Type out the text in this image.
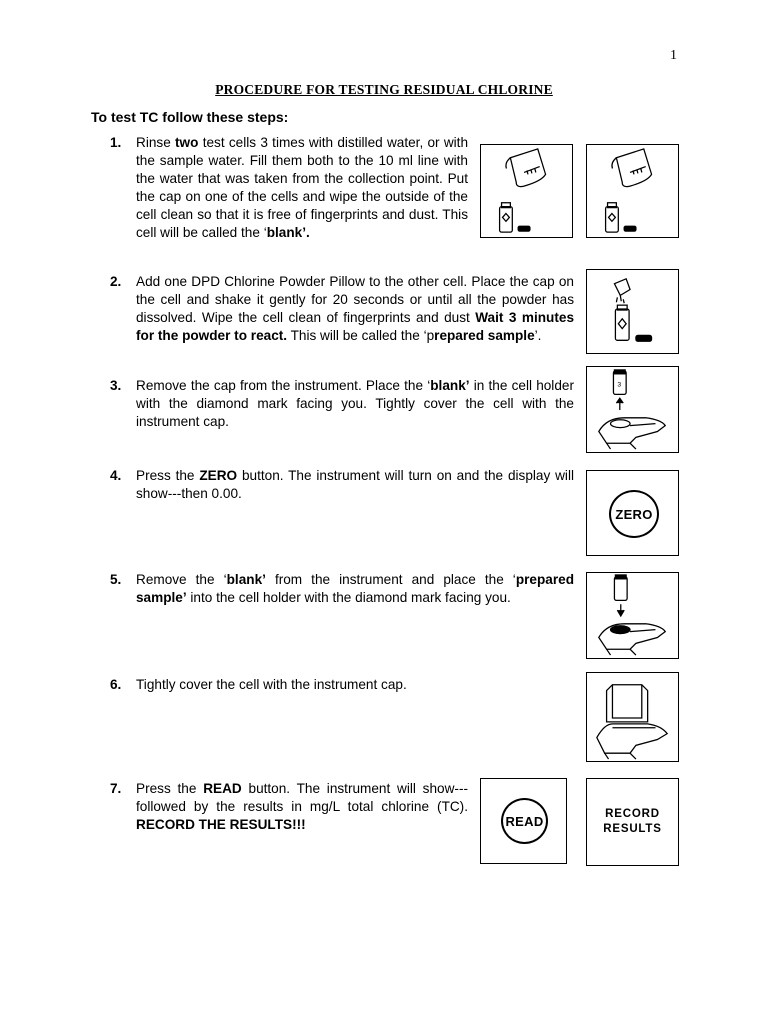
1
PROCEDURE FOR TESTING RESIDUAL CHLORINE
To test TC follow these steps:
1.	Rinse two test cells 3 times with distilled water, or with the sample water. Fill them both to the 10 ml line with the water that was taken from the collection point. Put the cap on one of the cells and wipe the outside of the cell clean so that it is free of fingerprints and dust. This cell will be called the ‘blank’.
2.	Add one DPD Chlorine Powder Pillow to the other cell. Place the cap on the cell and shake it gently for 20 seconds or until all the powder has dissolved. Wipe the cell clean of fingerprints and dust Wait 3 minutes for the powder to react. This will be called the ‘prepared sample’.
3.	Remove the cap from the instrument. Place the ‘blank’ in the cell holder with the diamond mark facing you. Tightly cover the cell with the instrument cap.
4.	Press the ZERO button. The instrument will turn on and the display will show---then 0.00.
5.	Remove the ‘blank’ from the instrument and place the ‘prepared sample’ into the cell holder with the diamond mark facing you.
6.	Tightly cover the cell with the instrument cap.
7.	Press the READ button. The instrument will show---followed by the results in mg/L total chlorine (TC). RECORD THE RESULTS!!!
3
ZERO
READ	RECORD
RESULTS
